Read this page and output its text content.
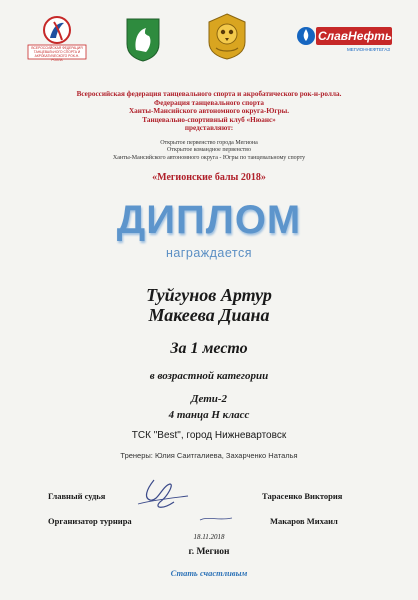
ВСЕРОССИЙСКАЯ ФЕДЕРАЦИЯ ТАНЦЕВАЛЬНОГО СПОРТА И АКРОБАТИЧЕСКОГО РОК-Н-РОЛЛА
СлавНефть
МЕГИОННЕФТЕГАЗ
Всероссийская федерация танцевального спорта и акробатического рок-н-ролла.
Федерация танцевального спорта
Ханты-Мансийского автономного округа-Югры.
Танцевально-спортивный клуб «Нюанс»
представляют:
Открытое первенство города Мегиона
Открытое командное первенство
Ханты-Мансийского автономного округа - Югры по танцевальному спорту
«Мегионские балы 2018»
ДИПЛОМ
награждается
Туйгунов Артур
Макеева Диана
За 1 место
в возрастной категории
Дети-2
4 танца Н класс
ТСК "Best", город Нижневартовск
Тренеры: Юлия Саитгалиева, Захарченко Наталья
Главный судья	Тарасенко Виктория
Организатор турнира	Макаров Михаил
18.11.2018
г. Мегион
Стать счастливым
